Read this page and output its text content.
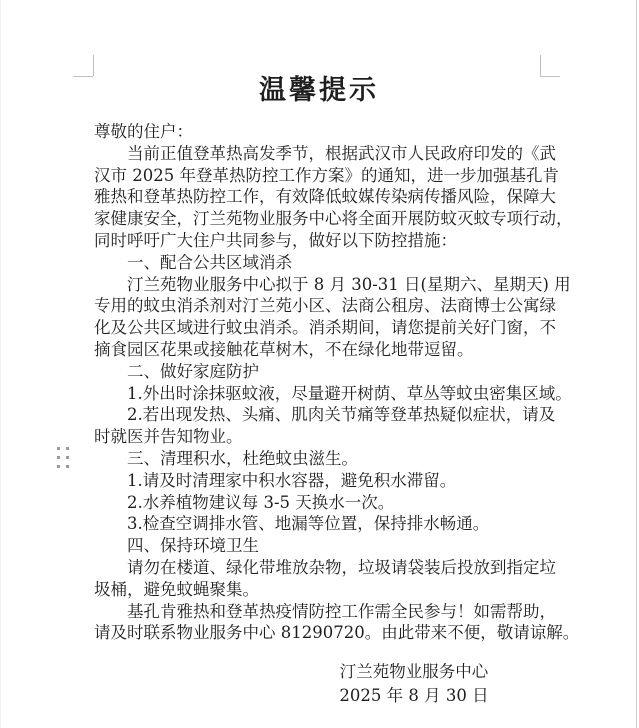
温馨提示
尊敬的住户：
当前正值登革热高发季节，根据武汉市人民政府印发的《武
汉市 2025 年登革热防控工作方案》的通知，进一步加强基孔肯
雅热和登革热防控工作，有效降低蚊媒传染病传播风险，保障大
家健康安全，汀兰苑物业服务中心将全面开展防蚊灭蚊专项行动，
同时呼吁广大住户共同参与，做好以下防控措施：
一、配合公共区域消杀
汀兰苑物业服务中心拟于 8 月 30-31 日(星期六、星期天) 用
专用的蚊虫消杀剂对汀兰苑小区、法商公租房、法商博士公寓绿
化及公共区域进行蚊虫消杀。消杀期间，请您提前关好门窗，不
摘食园区花果或接触花草树木，不在绿化地带逗留。
二、做好家庭防护
1.外出时涂抹驱蚊液，尽量避开树荫、草丛等蚊虫密集区域。
2.若出现发热、头痛、肌肉关节痛等登革热疑似症状，请及
时就医并告知物业。
三、清理积水，杜绝蚊虫滋生。
1.请及时清理家中积水容器，避免积水滞留。
2.水养植物建议每 3-5 天换水一次。
3.检查空调排水管、地漏等位置，保持排水畅通。
四、保持环境卫生
请勿在楼道、绿化带堆放杂物，垃圾请袋装后投放到指定垃
圾桶，避免蚊蝇聚集。
基孔肯雅热和登革热疫情防控工作需全民参与！如需帮助，
请及时联系物业服务中心 81290720。由此带来不便，敬请谅解。
汀兰苑物业服务中心
2025 年 8 月 30 日
